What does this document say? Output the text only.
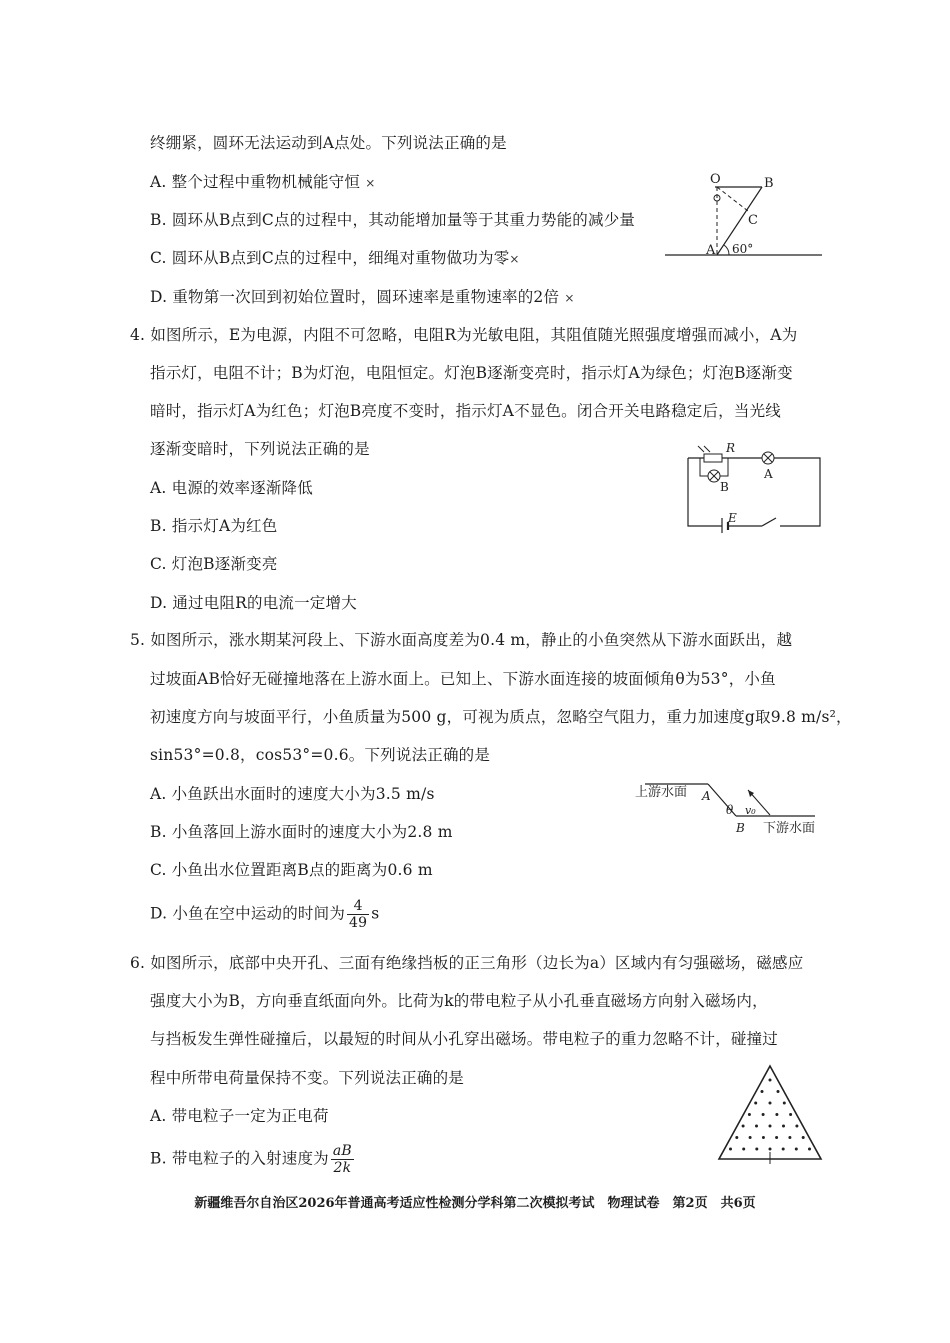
终绷紧，圆环无法运动到A点处。下列说法正确的是
A. 整个过程中重物机械能守恒 ×
B. 圆环从B点到C点的过程中，其动能增加量等于其重力势能的减少量
C. 圆环从B点到C点的过程中，细绳对重物做功为零×
D. 重物第一次回到初始位置时，圆环速率是重物速率的2倍 ×
O	B
C
A 60°
4. 如图所示，E为电源，内阻不可忽略，电阻R为光敏电阻，其阻值随光照强度增强而减小，A为
指示灯，电阻不计；B为灯泡，电阻恒定。灯泡B逐渐变亮时，指示灯A为绿色；灯泡B逐渐变
暗时，指示灯A为红色；灯泡B亮度不变时，指示灯A不显色。闭合开关电路稳定后，当光线
逐渐变暗时，下列说法正确的是
A. 电源的效率逐渐降低
B. 指示灯A为红色
C. 灯泡B逐渐变亮
D. 通过电阻R的电流一定增大
R
A
B
E
5. 如图所示，涨水期某河段上、下游水面高度差为0.4 m，静止的小鱼突然从下游水面跃出，越
过坡面AB恰好无碰撞地落在上游水面上。已知上、下游水面连接的坡面倾角θ为53°，小鱼
初速度方向与坡面平行，小鱼质量为500 g，可视为质点，忽略空气阻力，重力加速度g取9.8 m/s²，
sin53°=0.8，cos53°=0.6。下列说法正确的是
A. 小鱼跃出水面时的速度大小为3.5 m/s
B. 小鱼落回上游水面时的速度大小为2.8 m
C. 小鱼出水位置距离B点的距离为0.6 m
D. 小鱼在空中运动的时间为 $\frac{4}{49}$ s
上游水面 A
θ v₀
B 下游水面
6. 如图所示，底部中央开孔、三面有绝缘挡板的正三角形（边长为a）区域内有匀强磁场，磁感应
强度大小为B，方向垂直纸面向外。比荷为k的带电粒子从小孔垂直磁场方向射入磁场内，
与挡板发生弹性碰撞后，以最短的时间从小孔穿出磁场。带电粒子的重力忽略不计，碰撞过
程中所带电荷量保持不变。下列说法正确的是
A. 带电粒子一定为正电荷
B. 带电粒子的入射速度为 $\frac{aB}{2k}$
新疆维吾尔自治区2026年普通高考适应性检测分学科第二次模拟考试　物理试卷　第2页　共6页
